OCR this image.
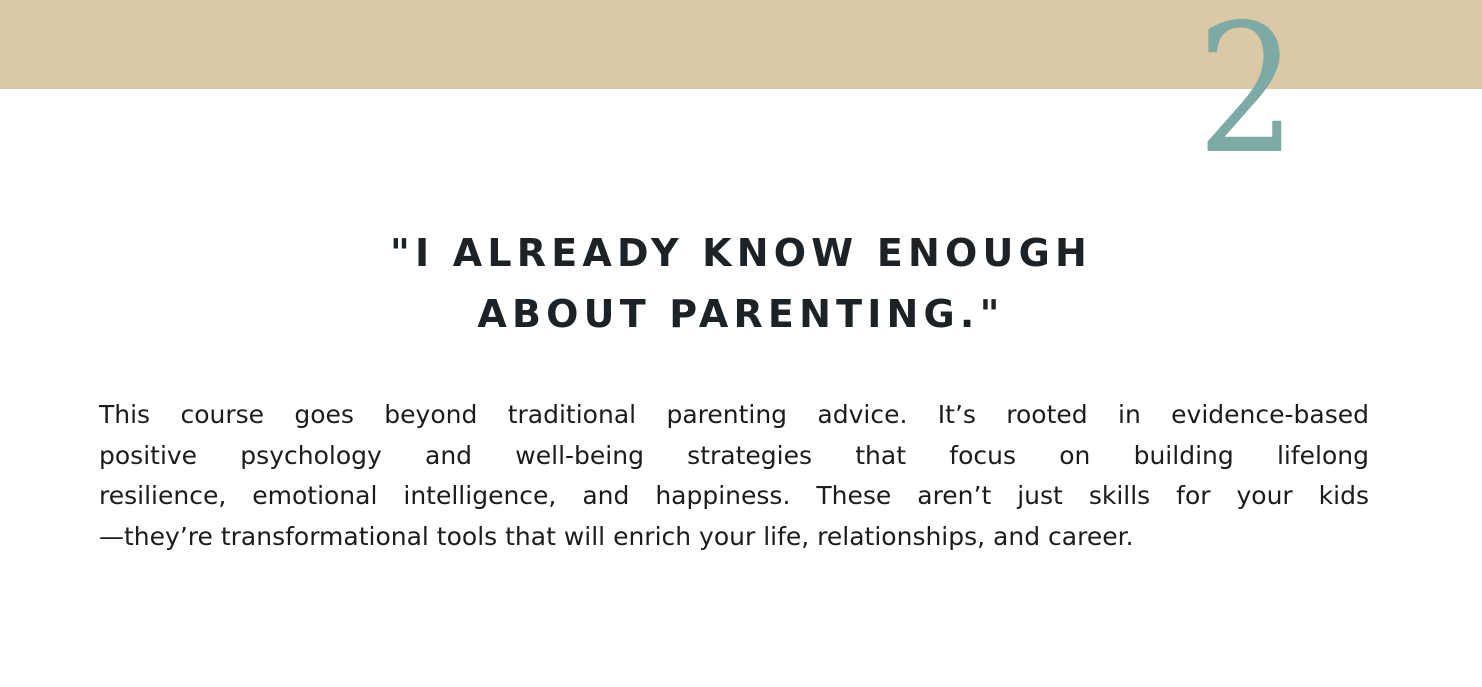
2
"I ALREADY KNOW ENOUGH
ABOUT PARENTING."

This course goes beyond traditional parenting advice. It’s rooted in evidence-based
positive psychology and well-being strategies that focus on building lifelong
resilience, emotional intelligence, and happiness. These aren’t just skills for your kids
—they’re transformational tools that will enrich your life, relationships, and career.
